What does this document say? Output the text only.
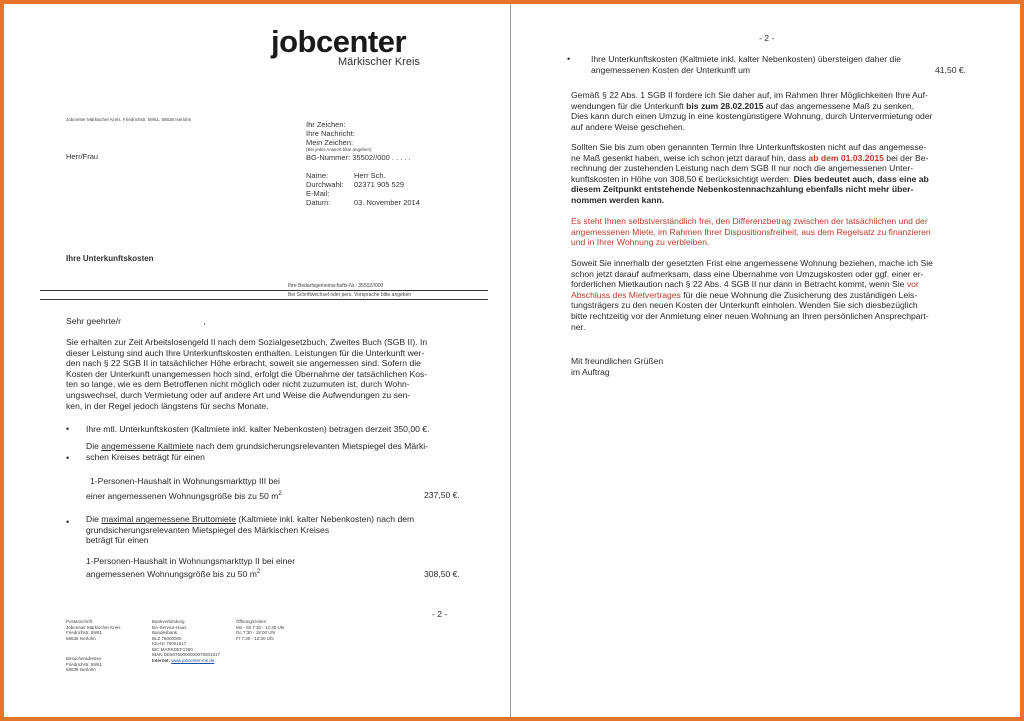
jobcenter
Märkischer Kreis
Jobcenter Märkischer Kreis, Friedrichstr. 59/61, 58636 Iserlohn
Herr/Frau
Ihr Zeichen:
Ihre Nachricht:
Mein Zeichen:
(Bei jeder Antwort bitte angeben)
BG-Nummer: 35502//000 . . . . .
Name:	Herr Sch.
Durchwahl:	02371 905 529
E-Mail:
Datum:	03. November 2014
Ihre Unterkunftskosten
Ihre Bedarfsgemeinschafts-Nr.: 35502//000
Bei Schriftwechsel oder pers. Vorsprache bitte angeben
Sehr geehrte/r	,
Sie erhalten zur Zeit Arbeitslosengeld II nach dem Sozialgesetzbuch, Zweites Buch (SGB II). In
dieser Leistung sind auch Ihre Unterkunftskosten enthalten. Leistungen für die Unterkunft wer-
den nach § 22 SGB II in tatsächlicher Höhe erbracht, soweit sie angemessen sind. Sofern die
Kosten der Unterkunft unangemessen hoch sind, erfolgt die Übernahme der tatsächlichen Kos-
ten so lange, wie es dem Betroffenen nicht möglich oder nicht zuzumuten ist, durch Wohn-
ungswechsel, durch Vermietung oder auf andere Art und Weise die Aufwendungen zu sen-
ken, in der Regel jedoch längstens für sechs Monate.
• Ihre mtl. Unterkunftskosten (Kaltmiete inkl. kalter Nebenkosten) betragen derzeit 350,00 €.
•
Die angemessene Kaltmiete nach dem grundsicherungsrelevanten Mietspiegel des Märki-
schen Kreises beträgt für einen
1-Personen-Haushalt in Wohnungsmarkttyp III bei
einer angemessenen Wohnungsgröße bis zu 50 $m^2$	237,50 €.
• Die maximal angemessene Bruttomiete (Kaltmiete inkl. kalter Nebenkosten) nach dem
grundsicherungsrelevanten Mietspiegel des Märkischen Kreises
beträgt für einen
1-Personen-Haushalt in Wohnungsmarkttyp II bei einer
angemessenen Wohnungsgröße bis zu 50 $m^2$	308,50 €.
- 2 -
Postanschrift
Jobcenter Märkischer Kreis
Friedrichstr. 59/61
58636 Iserlohn
Besucheradresse
Friedrichstr. 59/61
58636 Iserlohn
Bankverbindung
BA-Service-Haus
Bundesbank
BLZ 76000000
Kto-Nr 76001617
BIC MARKDEF1760
IBAN DE50760000000076001617
Internet: www.jobcenter-mk.de
Öffnungszeiten
Mo - Mi 7:30 - 12:30 Uhr
Do 7:30 - 18:00 Uhr
Fr 7:30 - 12:30 Uhr
- 2 -
• Ihre Unterkunftskosten (Kaltmiete inkl. kalter Nebenkosten) übersteigen daher die
angemessenen Kosten der Unterkunft um	41,50 €.
Gemäß § 22 Abs. 1 SGB II fordere ich Sie daher auf, im Rahmen Ihrer Möglichkeiten Ihre Auf-
wendungen für die Unterkunft bis zum 28.02.2015 auf das angemessene Maß zu senken.
Dies kann durch einen Umzug in eine kostengünstigere Wohnung, durch Untervermietung oder
auf andere Weise geschehen.
Sollten Sie bis zum oben genannten Termin Ihre Unterkunftskosten nicht auf das angemesse-
ne Maß gesenkt haben, weise ich schon jetzt darauf hin, dass ab dem 01.03.2015 bei der Be-
rechnung der zustehenden Leistung nach dem SGB II nur noch die angemessenen Unter-
kunftskosten in Höhe von 308,50 € berücksichtigt werden. Dies bedeutet auch, dass eine ab
diesem Zeitpunkt entstehende Nebenkostennachzahlung ebenfalls nicht mehr über-
nommen werden kann.
Es steht Ihnen selbstverständlich frei, den Differenzbetrag zwischen der tatsächlichen und der
angemessenen Miete, im Rahmen Ihrer Dispositionsfreiheit, aus dem Regelsatz zu finanzieren
und in Ihrer Wohnung zu verbleiben.
Soweit Sie innerhalb der gesetzten Frist eine angemessene Wohnung beziehen, mache ich Sie
schon jetzt darauf aufmerksam, dass eine Übernahme von Umzugskosten oder ggf. einer er-
forderlichen Mietkaution nach § 22 Abs. 4 SGB II nur dann in Betracht kommt, wenn Sie vor
Abschluss des Mietvertrages für die neue Wohnung die Zusicherung des zuständigen Leis-
tungsträgers zu den neuen Kosten der Unterkunft einholen. Wenden Sie sich diesbezüglich
bitte rechtzeitig vor der Anmietung einer neuen Wohnung an Ihren persönlichen Ansprechpart-
ner.
Mit freundlichen Grüßen
im Auftrag
